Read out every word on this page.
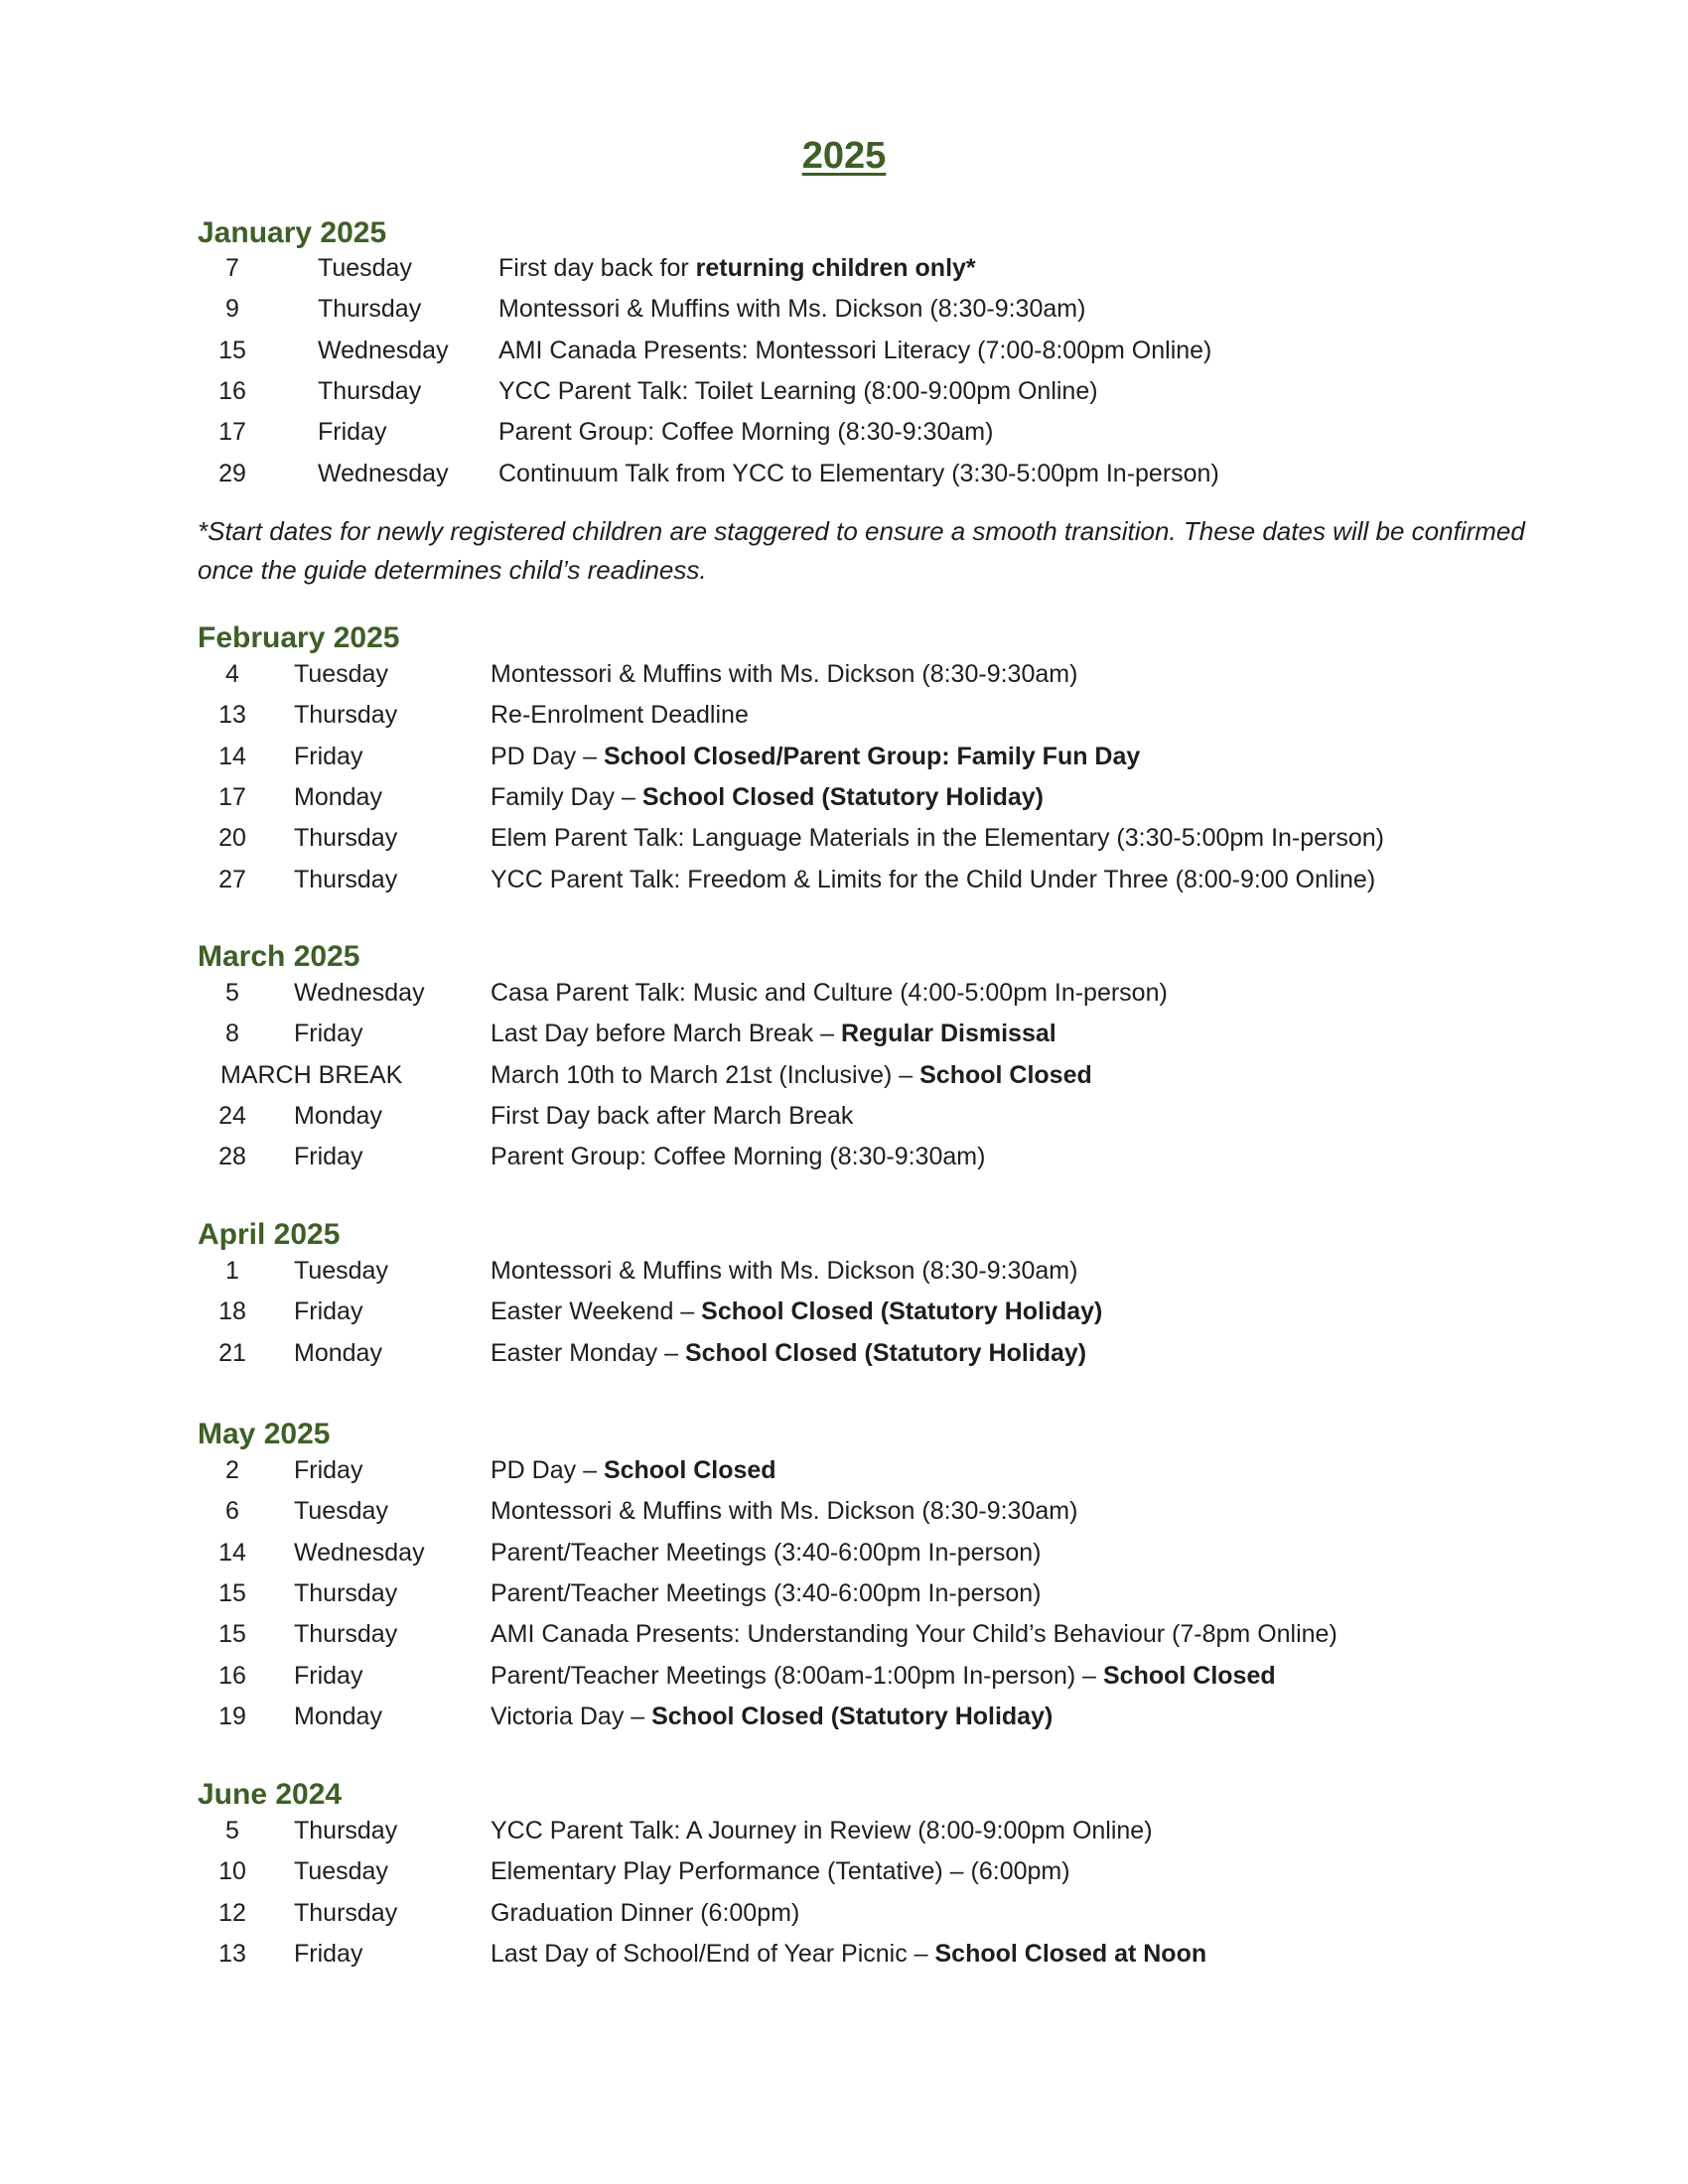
2025
January 2025
7	Tuesday	First day back for returning children only*
9	Thursday	Montessori & Muffins with Ms. Dickson (8:30-9:30am)
15	Wednesday AMI Canada Presents: Montessori Literacy (7:00-8:00pm Online)
16	Thursday	YCC Parent Talk: Toilet Learning (8:00-9:00pm Online)
17	Friday	Parent Group: Coffee Morning (8:30-9:30am)
29	Wednesday Continuum Talk from YCC to Elementary (3:30-5:00pm In-person)
*Start dates for newly registered children are staggered to ensure a smooth transition. These dates will be confirmed once the guide determines child’s readiness.
February 2025
4	Tuesday	Montessori & Muffins with Ms. Dickson (8:30-9:30am)
13	Thursday	Re-Enrolment Deadline
14	Friday	PD Day – School Closed/Parent Group: Family Fun Day
17	Monday	Family Day – School Closed (Statutory Holiday)
20	Thursday	Elem Parent Talk: Language Materials in the Elementary (3:30-5:00pm In-person)
27	Thursday	YCC Parent Talk: Freedom & Limits for the Child Under Three (8:00-9:00 Online)
March 2025
5	Wednesday	Casa Parent Talk: Music and Culture (4:00-5:00pm In-person)
8	Friday	Last Day before March Break – Regular Dismissal
MARCH BREAK	March 10th to March 21st (Inclusive) – School Closed
24	Monday	First Day back after March Break
28	Friday	Parent Group: Coffee Morning (8:30-9:30am)
April 2025
1	Tuesday	Montessori & Muffins with Ms. Dickson (8:30-9:30am)
18	Friday	Easter Weekend – School Closed (Statutory Holiday)
21	Monday	Easter Monday – School Closed (Statutory Holiday)
May 2025
2	Friday	PD Day – School Closed
6	Tuesday	Montessori & Muffins with Ms. Dickson (8:30-9:30am)
14	Wednesday	Parent/Teacher Meetings (3:40-6:00pm In-person)
15	Thursday	Parent/Teacher Meetings (3:40-6:00pm In-person)
15	Thursday	AMI Canada Presents: Understanding Your Child’s Behaviour (7-8pm Online)
16	Friday	Parent/Teacher Meetings (8:00am-1:00pm In-person) – School Closed
19	Monday	Victoria Day – School Closed (Statutory Holiday)
June 2024
5	Thursday	YCC Parent Talk: A Journey in Review (8:00-9:00pm Online)
10	Tuesday	Elementary Play Performance (Tentative) – (6:00pm)
12	Thursday	Graduation Dinner (6:00pm)
13	Friday	Last Day of School/End of Year Picnic – School Closed at Noon
